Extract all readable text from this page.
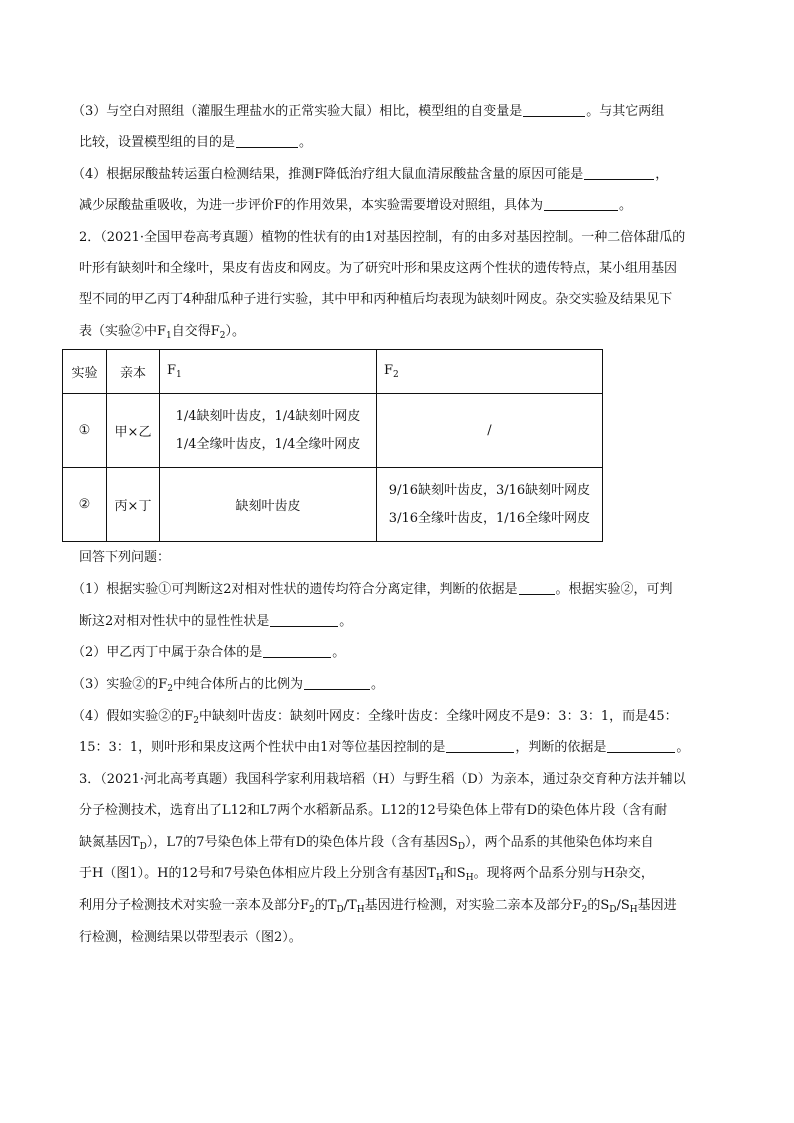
（3）与空白对照组（灌服生理盐水的正常实验大鼠）相比，模型组的自变量是	。与其它两组
比较，设置模型组的目的是	。
（4）根据尿酸盐转运蛋白检测结果，推测F降低治疗组大鼠血清尿酸盐含量的原因可能是	，
减少尿酸盐重吸收，为进一步评价F的作用效果，本实验需要增设对照组，具体为	。
2．（2021·全国甲卷高考真题）植物的性状有的由1对基因控制，有的由多对基因控制。一种二倍体甜瓜的
叶形有缺刻叶和全缘叶，果皮有齿皮和网皮。为了研究叶形和果皮这两个性状的遗传特点，某小组用基因
型不同的甲乙丙丁4种甜瓜种子进行实验，其中甲和丙种植后均表现为缺刻叶网皮。杂交实验及结果见下
表（实验②中$F_1$自交得$F_2$）。
实验	亲本	$F_1$	$F_2$
①	甲×乙	1/4缺刻叶齿皮，1/4缺刻叶网皮
1/4全缘叶齿皮，1/4全缘叶网皮	/
②	丙×丁	缺刻叶齿皮	9/16缺刻叶齿皮，3/16缺刻叶网皮
3/16全缘叶齿皮，1/16全缘叶网皮
回答下列问题：
（1）根据实验①可判断这2对相对性状的遗传均符合分离定律，判断的依据是	。根据实验②，可判
断这2对相对性状中的显性性状是	。
（2）甲乙丙丁中属于杂合体的是	。
（3）实验②的$F_2$中纯合体所占的比例为	。
（4）假如实验②的$F_2$中缺刻叶齿皮：缺刻叶网皮：全缘叶齿皮：全缘叶网皮不是9：3：3：1，而是45：
15：3：1，则叶形和果皮这两个性状中由1对等位基因控制的是	，判断的依据是	。
3．（2021·河北高考真题）我国科学家利用栽培稻（H）与野生稻（D）为亲本，通过杂交育种方法并辅以
分子检测技术，选育出了L12和L7两个水稻新品系。L12的12号染色体上带有D的染色体片段（含有耐
缺氮基因$T_D$），L7的7号染色体上带有D的染色体片段（含有基因$S_D$），两个品系的其他染色体均来自
于H（图1）。H的12号和7号染色体相应片段上分别含有基因$T_H$和$S_H$。现将两个品系分别与H杂交，
利用分子检测技术对实验一亲本及部分$F_2$的$T_D/T_H$基因进行检测，对实验二亲本及部分$F_2$的$S_D/S_H$基因进
行检测，检测结果以带型表示（图2）。
